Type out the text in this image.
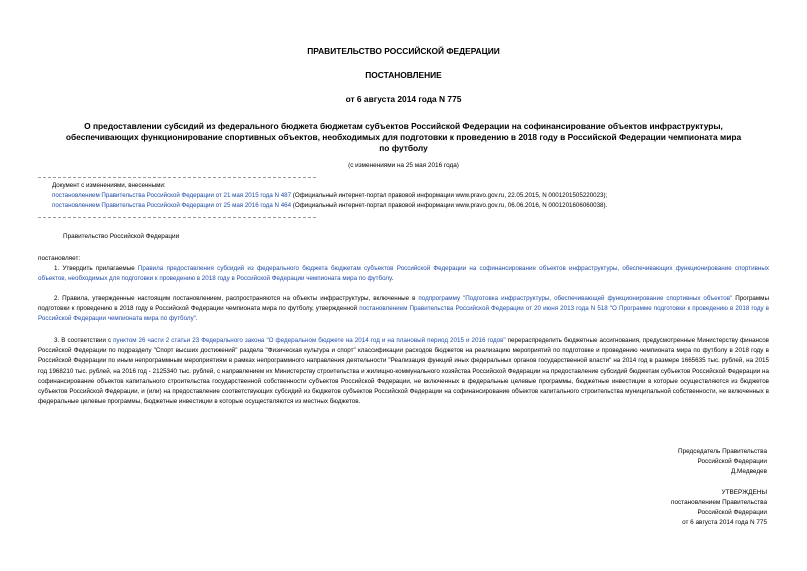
ПРАВИТЕЛЬСТВО РОССИЙСКОЙ ФЕДЕРАЦИИ
ПОСТАНОВЛЕНИЕ
от 6 августа 2014 года N 775
О предоставлении субсидий из федерального бюджета бюджетам субъектов Российской Федерации на софинансирование объектов инфраструктуры,
обеспечивающих функционирование спортивных объектов, необходимых для подготовки к проведению в 2018 году в Российской Федерации чемпионата мира
по футболу
(с изменениями на 25 мая 2016 года)
Документ с изменениями, внесенными:
постановлением Правительства Российской Федерации от 21 мая 2015 года N 487 (Официальный интернет-портал правовой информации www.pravo.gov.ru, 22.05.2015, N 0001201505220023);
постановлением Правительства Российской Федерации от 25 мая 2016 года N 464 (Официальный интернет-портал правовой информации www.pravo.gov.ru, 06.06.2016, N 0001201606060038).
Правительство Российской Федерации
постановляет:
1. Утвердить прилагаемые Правила предоставления субсидий из федерального бюджета бюджетам субъектов Российской Федерации на софинансирование объектов инфраструктуры, обеспечивающих функционирование спортивных объектов, необходимых для подготовки к проведению в 2018 году в Российской Федерации чемпионата мира по футболу.
2. Правила, утвержденные настоящим постановлением, распространяются на объекты инфраструктуры, включенные в подпрограмму "Подготовка инфраструктуры, обеспечивающей функционирование спортивных объектов" Программы подготовки к проведению в 2018 году в Российской Федерации чемпионата мира по футболу, утвержденной постановлением Правительства Российской Федерации от 20 июня 2013 года N 518 "О Программе подготовки к проведению в 2018 году в Российской Федерации чемпионата мира по футболу".
3. В соответствии с пунктом 26 части 2 статьи 23 Федерального закона "О федеральном бюджете на 2014 год и на плановый период 2015 и 2016 годов" перераспределить бюджетные ассигнования, предусмотренные Министерству финансов Российской Федерации по подразделу "Спорт высших достижений" раздела "Физическая культура и спорт" классификации расходов бюджетов на реализацию мероприятий по подготовке и проведению чемпионата мира по футболу в 2018 году в Российской Федерации по иным непрограммным мероприятиям в рамках непрограммного направления деятельности "Реализация функций иных федеральных органов государственной власти" на 2014 год в размере 1665635 тыс. рублей, на 2015 год 1968210 тыс. рублей, на 2016 год - 2125340 тыс. рублей, с направлением их Министерству строительства и жилищно-коммунального хозяйства Российской Федерации на предоставление субсидий бюджетам субъектов Российской Федерации на софинансирование объектов капитального строительства государственной собственности субъектов Российской Федерации, не включенных в федеральные целевые программы, бюджетные инвестиции в которые осуществляются из бюджетов субъектов Российской Федерации, и (или) на предоставление соответствующих субсидий из бюджетов субъектов Российской Федерации на софинансирование объектов капитального строительства муниципальной собственности, не включенных в федеральные целевые программы, бюджетные инвестиции в которые осуществляются из местных бюджетов.
Председатель Правительства
Российской Федерации
Д.Медведев
УТВЕРЖДЕНЫ
постановлением Правительства
Российской Федерации
от 6 августа 2014 года N 775
